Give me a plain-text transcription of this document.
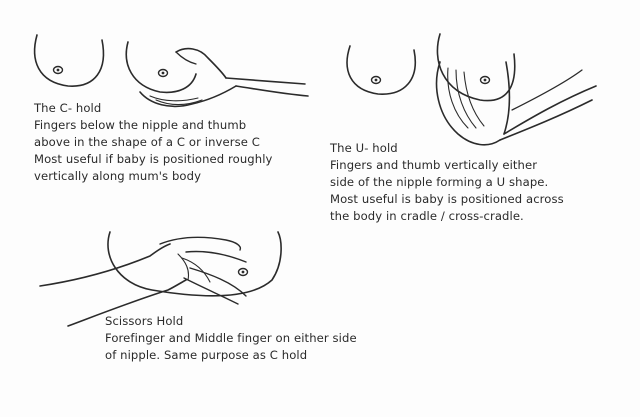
The C- hold
Fingers below the nipple and thumb
above in the shape of a C or inverse C
Most useful if baby is positioned roughly
vertically along mum's body
The U- hold
Fingers and thumb vertically either
side of the nipple forming a U shape.
Most useful is baby is positioned across
the body in cradle / cross-cradle.
Scissors Hold
Forefinger and Middle finger on either side
of nipple. Same purpose as C hold
